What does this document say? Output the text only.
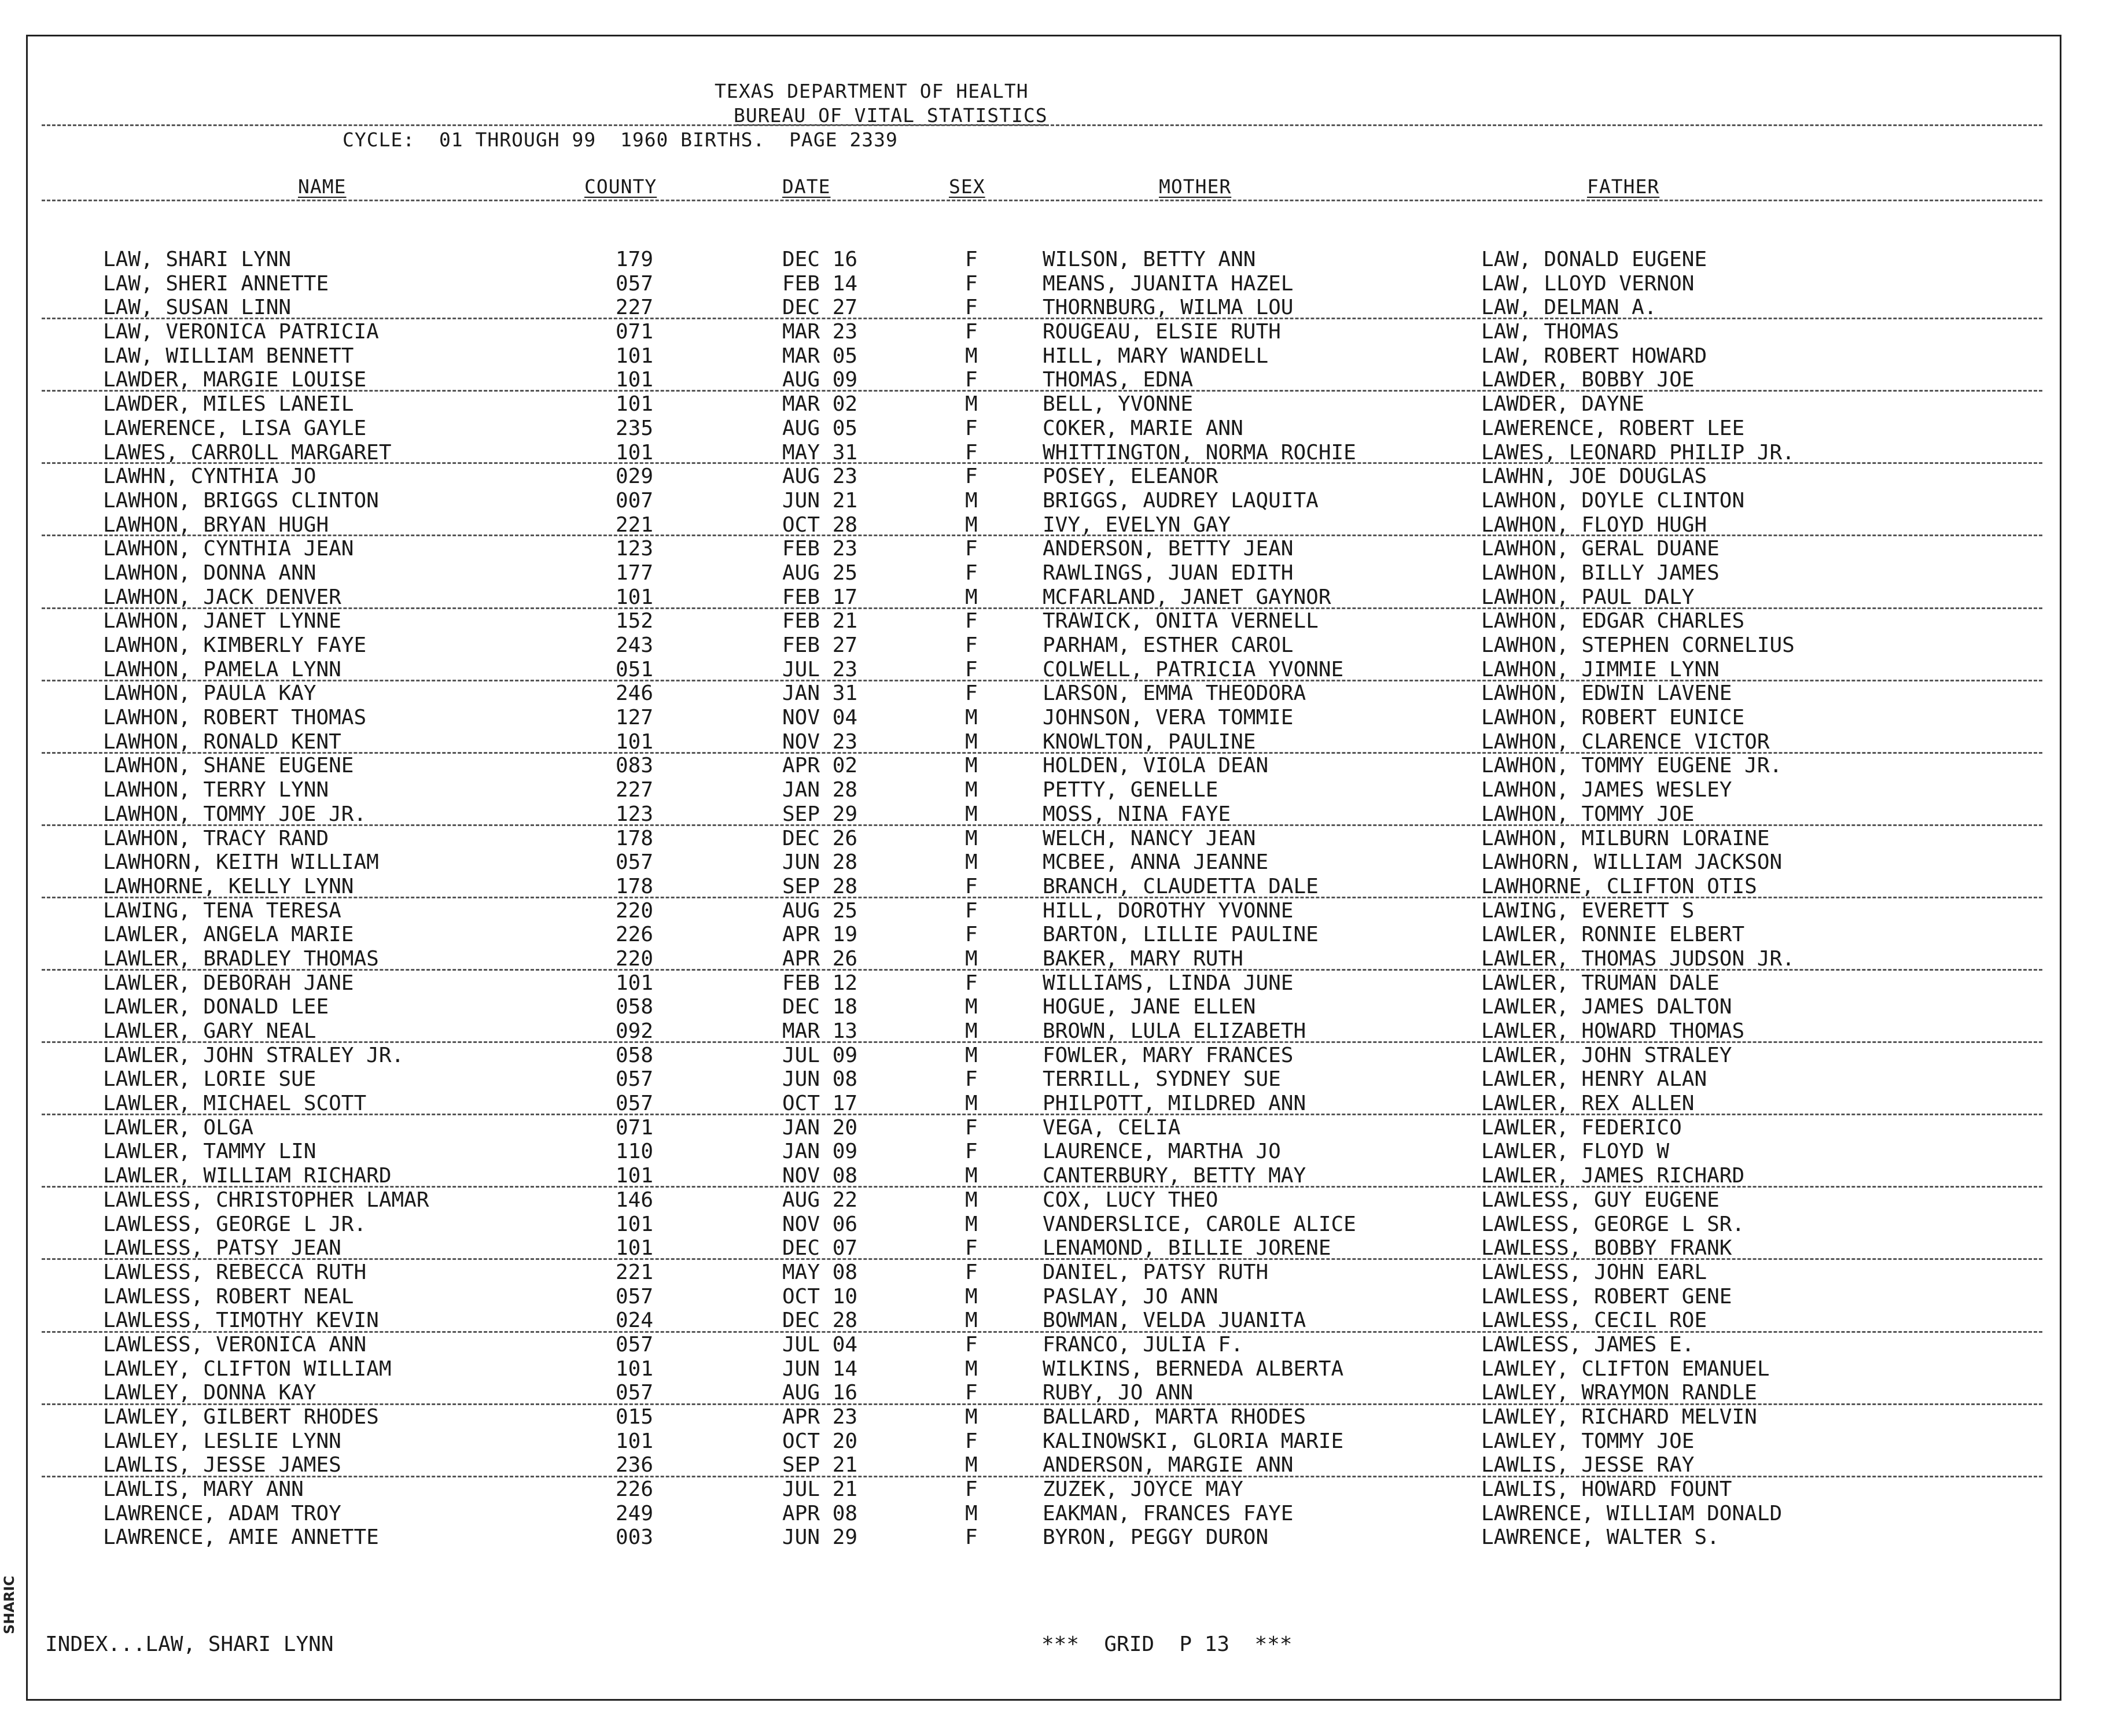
SHARIC
TEXAS DEPARTMENT OF HEALTH
BUREAU OF VITAL STATISTICS
CYCLE:  01 THROUGH 99  1960 BIRTHS.  PAGE 2339
NAME	COUNTY	DATE	SEX	MOTHER	FATHER
LAW, SHARI LYNN	179	DEC 16	F	WILSON, BETTY ANN	LAW, DONALD EUGENE
LAW, SHERI ANNETTE	057	FEB 14	F	MEANS, JUANITA HAZEL	LAW, LLOYD VERNON
LAW, SUSAN LINN	227	DEC 27	F	THORNBURG, WILMA LOU	LAW, DELMAN A.
LAW, VERONICA PATRICIA	071	MAR 23	F	ROUGEAU, ELSIE RUTH	LAW, THOMAS
LAW, WILLIAM BENNETT	101	MAR 05	M	HILL, MARY WANDELL	LAW, ROBERT HOWARD
LAWDER, MARGIE LOUISE	101	AUG 09	F	THOMAS, EDNA	LAWDER, BOBBY JOE
LAWDER, MILES LANEIL	101	MAR 02	M	BELL, YVONNE	LAWDER, DAYNE
LAWERENCE, LISA GAYLE	235	AUG 05	F	COKER, MARIE ANN	LAWERENCE, ROBERT LEE
LAWES, CARROLL MARGARET	101	MAY 31	F	WHITTINGTON, NORMA ROCHIE	LAWES, LEONARD PHILIP JR.
LAWHN, CYNTHIA JO	029	AUG 23	F	POSEY, ELEANOR	LAWHN, JOE DOUGLAS
LAWHON, BRIGGS CLINTON	007	JUN 21	M	BRIGGS, AUDREY LAQUITA	LAWHON, DOYLE CLINTON
LAWHON, BRYAN HUGH	221	OCT 28	M	IVY, EVELYN GAY	LAWHON, FLOYD HUGH
LAWHON, CYNTHIA JEAN	123	FEB 23	F	ANDERSON, BETTY JEAN	LAWHON, GERAL DUANE
LAWHON, DONNA ANN	177	AUG 25	F	RAWLINGS, JUAN EDITH	LAWHON, BILLY JAMES
LAWHON, JACK DENVER	101	FEB 17	M	MCFARLAND, JANET GAYNOR	LAWHON, PAUL DALY
LAWHON, JANET LYNNE	152	FEB 21	F	TRAWICK, ONITA VERNELL	LAWHON, EDGAR CHARLES
LAWHON, KIMBERLY FAYE	243	FEB 27	F	PARHAM, ESTHER CAROL	LAWHON, STEPHEN CORNELIUS
LAWHON, PAMELA LYNN	051	JUL 23	F	COLWELL, PATRICIA YVONNE	LAWHON, JIMMIE LYNN
LAWHON, PAULA KAY	246	JAN 31	F	LARSON, EMMA THEODORA	LAWHON, EDWIN LAVENE
LAWHON, ROBERT THOMAS	127	NOV 04	M	JOHNSON, VERA TOMMIE	LAWHON, ROBERT EUNICE
LAWHON, RONALD KENT	101	NOV 23	M	KNOWLTON, PAULINE	LAWHON, CLARENCE VICTOR
LAWHON, SHANE EUGENE	083	APR 02	M	HOLDEN, VIOLA DEAN	LAWHON, TOMMY EUGENE JR.
LAWHON, TERRY LYNN	227	JAN 28	M	PETTY, GENELLE	LAWHON, JAMES WESLEY
LAWHON, TOMMY JOE JR.	123	SEP 29	M	MOSS, NINA FAYE	LAWHON, TOMMY JOE
LAWHON, TRACY RAND	178	DEC 26	M	WELCH, NANCY JEAN	LAWHON, MILBURN LORAINE
LAWHORN, KEITH WILLIAM	057	JUN 28	M	MCBEE, ANNA JEANNE	LAWHORN, WILLIAM JACKSON
LAWHORNE, KELLY LYNN	178	SEP 28	F	BRANCH, CLAUDETTA DALE	LAWHORNE, CLIFTON OTIS
LAWING, TENA TERESA	220	AUG 25	F	HILL, DOROTHY YVONNE	LAWING, EVERETT S
LAWLER, ANGELA MARIE	226	APR 19	F	BARTON, LILLIE PAULINE	LAWLER, RONNIE ELBERT
LAWLER, BRADLEY THOMAS	220	APR 26	M	BAKER, MARY RUTH	LAWLER, THOMAS JUDSON JR.
LAWLER, DEBORAH JANE	101	FEB 12	F	WILLIAMS, LINDA JUNE	LAWLER, TRUMAN DALE
LAWLER, DONALD LEE	058	DEC 18	M	HOGUE, JANE ELLEN	LAWLER, JAMES DALTON
LAWLER, GARY NEAL	092	MAR 13	M	BROWN, LULA ELIZABETH	LAWLER, HOWARD THOMAS
LAWLER, JOHN STRALEY JR.	058	JUL 09	M	FOWLER, MARY FRANCES	LAWLER, JOHN STRALEY
LAWLER, LORIE SUE	057	JUN 08	F	TERRILL, SYDNEY SUE	LAWLER, HENRY ALAN
LAWLER, MICHAEL SCOTT	057	OCT 17	M	PHILPOTT, MILDRED ANN	LAWLER, REX ALLEN
LAWLER, OLGA	071	JAN 20	F	VEGA, CELIA	LAWLER, FEDERICO
LAWLER, TAMMY LIN	110	JAN 09	F	LAURENCE, MARTHA JO	LAWLER, FLOYD W
LAWLER, WILLIAM RICHARD	101	NOV 08	M	CANTERBURY, BETTY MAY	LAWLER, JAMES RICHARD
LAWLESS, CHRISTOPHER LAMAR	146	AUG 22	M	COX, LUCY THEO	LAWLESS, GUY EUGENE
LAWLESS, GEORGE L JR.	101	NOV 06	M	VANDERSLICE, CAROLE ALICE	LAWLESS, GEORGE L SR.
LAWLESS, PATSY JEAN	101	DEC 07	F	LENAMOND, BILLIE JORENE	LAWLESS, BOBBY FRANK
LAWLESS, REBECCA RUTH	221	MAY 08	F	DANIEL, PATSY RUTH	LAWLESS, JOHN EARL
LAWLESS, ROBERT NEAL	057	OCT 10	M	PASLAY, JO ANN	LAWLESS, ROBERT GENE
LAWLESS, TIMOTHY KEVIN	024	DEC 28	M	BOWMAN, VELDA JUANITA	LAWLESS, CECIL ROE
LAWLESS, VERONICA ANN	057	JUL 04	F	FRANCO, JULIA F.	LAWLESS, JAMES E.
LAWLEY, CLIFTON WILLIAM	101	JUN 14	M	WILKINS, BERNEDA ALBERTA	LAWLEY, CLIFTON EMANUEL
LAWLEY, DONNA KAY	057	AUG 16	F	RUBY, JO ANN	LAWLEY, WRAYMON RANDLE
LAWLEY, GILBERT RHODES	015	APR 23	M	BALLARD, MARTA RHODES	LAWLEY, RICHARD MELVIN
LAWLEY, LESLIE LYNN	101	OCT 20	F	KALINOWSKI, GLORIA MARIE	LAWLEY, TOMMY JOE
LAWLIS, JESSE JAMES	236	SEP 21	M	ANDERSON, MARGIE ANN	LAWLIS, JESSE RAY
LAWLIS, MARY ANN	226	JUL 21	F	ZUZEK, JOYCE MAY	LAWLIS, HOWARD FOUNT
LAWRENCE, ADAM TROY	249	APR 08	M	EAKMAN, FRANCES FAYE	LAWRENCE, WILLIAM DONALD
LAWRENCE, AMIE ANNETTE	003	JUN 29	F	BYRON, PEGGY DURON	LAWRENCE, WALTER S.
INDEX...LAW, SHARI LYNN	***  GRID  P 13  ***
